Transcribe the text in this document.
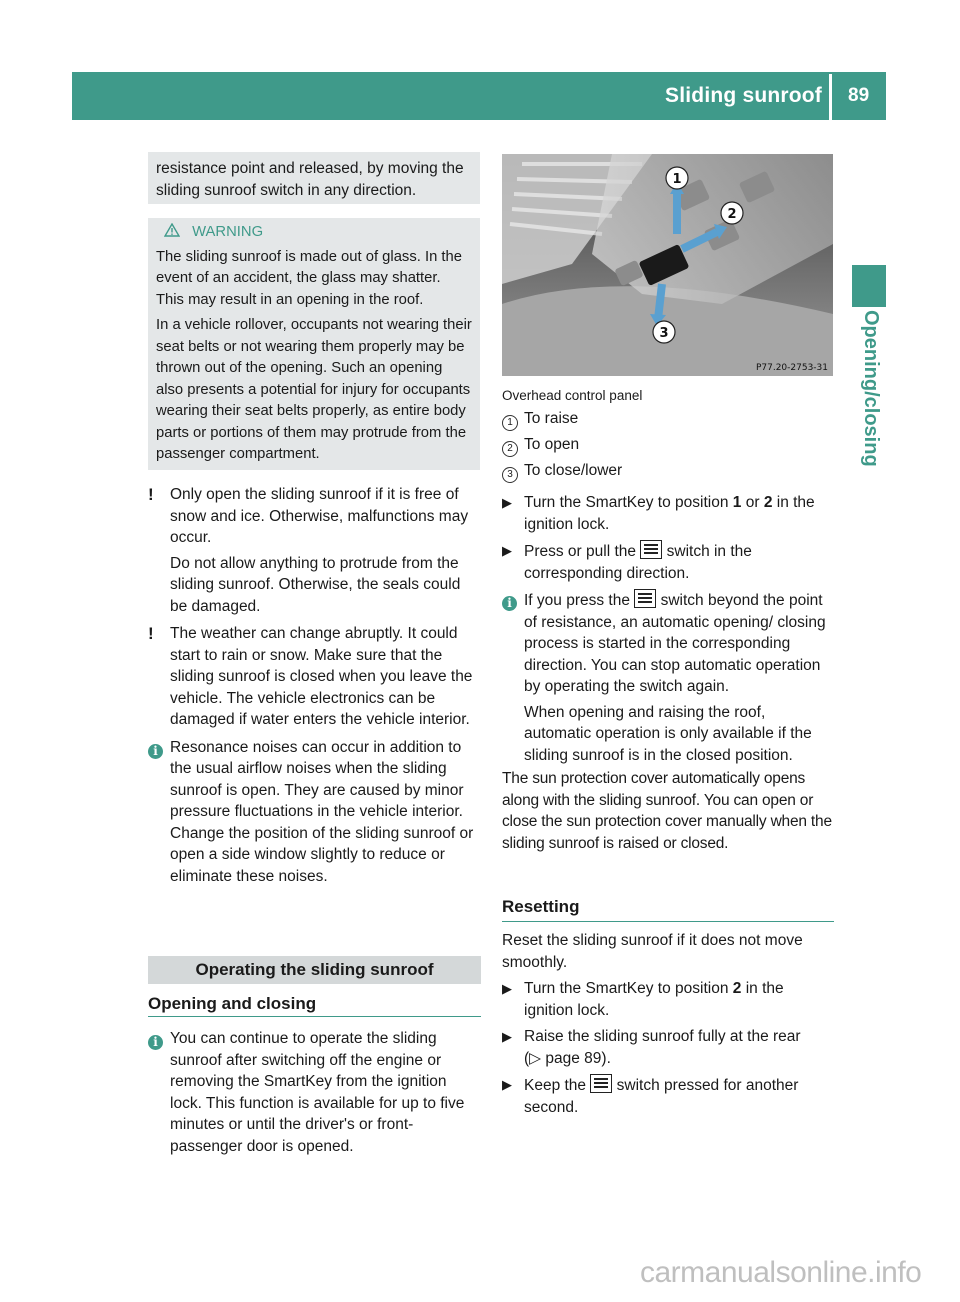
Sliding sunroof 89
Opening/closing

resistance point and released, by moving the sliding sunroof switch in any direction.

WARNING

The sliding sunroof is made out of glass. In the event of an accident, the glass may shatter. This may result in an opening in the roof.

In a vehicle rollover, occupants not wearing their seat belts or not wearing them properly may be thrown out of the opening. Such an opening also presents a potential for injury for occupants wearing their seat belts properly, as entire body parts or portions of them may protrude from the passenger compartment.

! Only open the sliding sunroof if it is free of snow and ice. Otherwise, malfunctions may occur.

Do not allow anything to protrude from the sliding sunroof. Otherwise, the seals could be damaged.

! The weather can change abruptly. It could start to rain or snow. Make sure that the sliding sunroof is closed when you leave the vehicle. The vehicle electronics can be damaged if water enters the vehicle interior.

i Resonance noises can occur in addition to the usual airflow noises when the sliding sunroof is open. They are caused by minor pressure fluctuations in the vehicle interior. Change the position of the sliding sunroof or open a side window slightly to reduce or eliminate these noises.

Operating the sliding sunroof
Opening and closing
i You can continue to operate the sliding sunroof after switching off the engine or removing the SmartKey from the ignition lock. This function is available for up to five minutes or until the driver's or front-passenger door is opened.

1
2
3
P77.20-2753-31
Overhead control panel
1 To raise
2 To open
3 To close/lower
▶ Turn the SmartKey to position 1 or 2 in the ignition lock.
▶ Press or pull the
switch in the corresponding direction.
i If you press the
switch beyond the point of resistance, an automatic opening/ closing process is started in the corresponding direction. You can stop automatic operation by operating the switch again.

When opening and raising the roof, automatic operation is only available if the sliding sunroof is in the closed position.

The sun protection cover automatically opens along with the sliding sunroof. You can open or close the sun protection cover manually when the sliding sunroof is raised or closed.

Resetting

Reset the sliding sunroof if it does not move smoothly.

▶ Turn the SmartKey to position 2 in the ignition lock.
▶ Raise the sliding sunroof fully at the rear
(▷ page 89).
▶ Keep the
switch pressed for another second.
carmanualsonline.info
